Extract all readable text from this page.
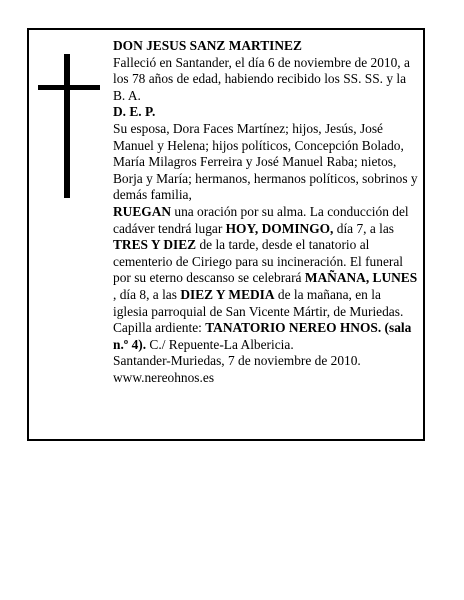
DON JESUS SANZ MARTINEZ

Falleció en Santander, el día 6 de noviembre de 2010, a los 78 años de edad, habiendo recibido los SS. SS. y la B. A.

D. E. P.

Su esposa, Dora Faces Martínez; hijos, Jesús, José Manuel y Helena; hijos políticos, Concepción Bolado, María Milagros Ferreira y José Manuel Raba; nietos, Borja y María; hermanos, hermanos políticos, sobrinos y demás familia,

RUEGAN una oración por su alma. La conducción del cadáver tendrá lugar HOY, DOMINGO, día 7, a las TRES Y DIEZ de la tarde, desde el tanatorio al cementerio de Ciriego para su incineración. El funeral por su eterno descanso se celebrará MAÑANA, LUNES , día 8, a las DIEZ Y MEDIA de la mañana, en la iglesia parroquial de San Vicente Mártir, de Muriedas.

Capilla ardiente: TANATORIO NEREO HNOS. (sala n.º 4). C./ Repuente-La Albericia.

Santander-Muriedas, 7 de noviembre de 2010.

www.nereohnos.es
